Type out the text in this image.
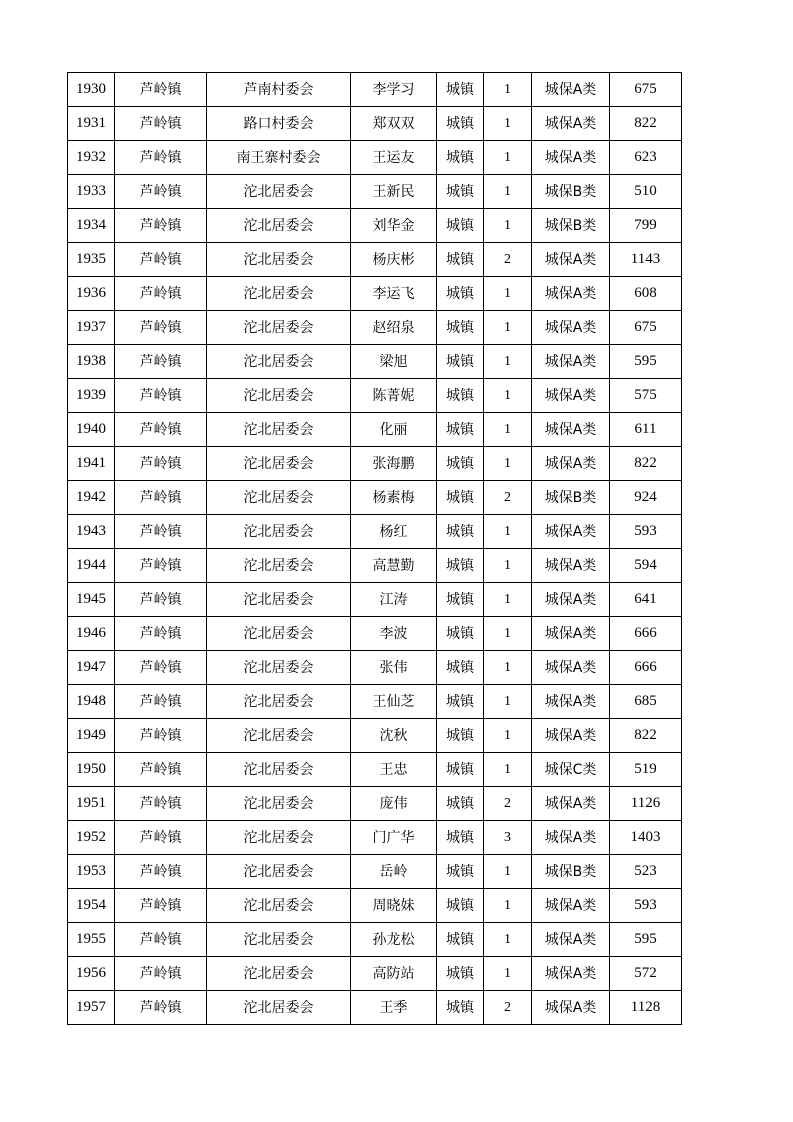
1930	芦岭镇	芦南村委会	李学习	城镇	1	城保A类	675
1931	芦岭镇	路口村委会	郑双双	城镇	1	城保A类	822
1932	芦岭镇	南王寨村委会	王运友	城镇	1	城保A类	623
1933	芦岭镇	沱北居委会	王新民	城镇	1	城保B类	510
1934	芦岭镇	沱北居委会	刘华金	城镇	1	城保B类	799
1935	芦岭镇	沱北居委会	杨庆彬	城镇	2	城保A类	1143
1936	芦岭镇	沱北居委会	李运飞	城镇	1	城保A类	608
1937	芦岭镇	沱北居委会	赵绍泉	城镇	1	城保A类	675
1938	芦岭镇	沱北居委会	梁旭	城镇	1	城保A类	595
1939	芦岭镇	沱北居委会	陈菁妮	城镇	1	城保A类	575
1940	芦岭镇	沱北居委会	化丽	城镇	1	城保A类	611
1941	芦岭镇	沱北居委会	张海鹏	城镇	1	城保A类	822
1942	芦岭镇	沱北居委会	杨素梅	城镇	2	城保B类	924
1943	芦岭镇	沱北居委会	杨红	城镇	1	城保A类	593
1944	芦岭镇	沱北居委会	高慧勤	城镇	1	城保A类	594
1945	芦岭镇	沱北居委会	江涛	城镇	1	城保A类	641
1946	芦岭镇	沱北居委会	李波	城镇	1	城保A类	666
1947	芦岭镇	沱北居委会	张伟	城镇	1	城保A类	666
1948	芦岭镇	沱北居委会	王仙芝	城镇	1	城保A类	685
1949	芦岭镇	沱北居委会	沈秋	城镇	1	城保A类	822
1950	芦岭镇	沱北居委会	王忠	城镇	1	城保C类	519
1951	芦岭镇	沱北居委会	庞伟	城镇	2	城保A类	1126
1952	芦岭镇	沱北居委会	门广华	城镇	3	城保A类	1403
1953	芦岭镇	沱北居委会	岳岭	城镇	1	城保B类	523
1954	芦岭镇	沱北居委会	周晓妹	城镇	1	城保A类	593
1955	芦岭镇	沱北居委会	孙龙松	城镇	1	城保A类	595
1956	芦岭镇	沱北居委会	高防站	城镇	1	城保A类	572
1957	芦岭镇	沱北居委会	王季	城镇	2	城保A类	1128
